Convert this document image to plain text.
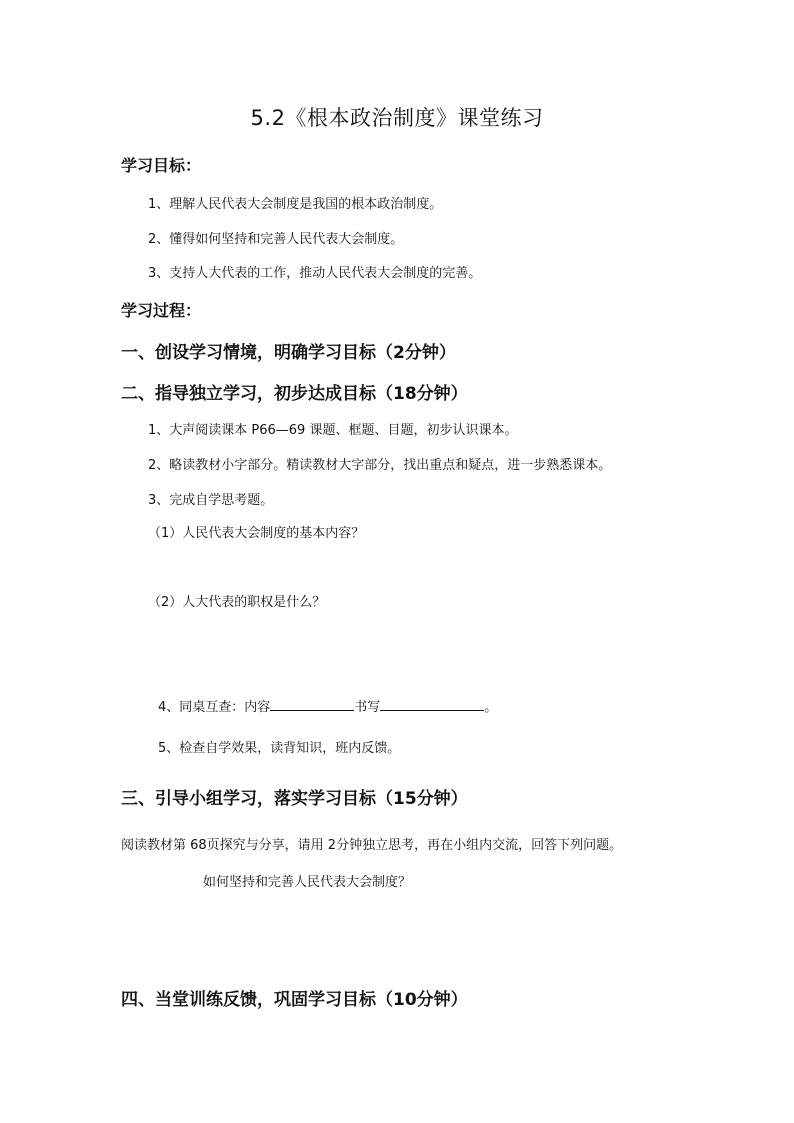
5.2《根本政治制度》课堂练习
学习目标：
1、理解人民代表大会制度是我国的根本政治制度。
2、懂得如何坚持和完善人民代表大会制度。
3、支持人大代表的工作，推动人民代表大会制度的完善。
学习过程：
一、创设学习情境，明确学习目标（2分钟）
二、指导独立学习，初步达成目标（18分钟）
1、大声阅读课本 P66—69 课题、框题、目题，初步认识课本。
2、略读教材小字部分。精读教材大字部分，找出重点和疑点，进一步熟悉课本。
3、完成自学思考题。
（1）人民代表大会制度的基本内容？
（2）人大代表的职权是什么？
4、同桌互查：内容	书写	。
5、检查自学效果，读背知识，班内反馈。
三、引导小组学习，落实学习目标（15分钟）
阅读教材第 68页探究与分享，请用 2分钟独立思考，再在小组内交流，回答下列问题。
如何坚持和完善人民代表大会制度？
四、当堂训练反馈，巩固学习目标（10分钟）
